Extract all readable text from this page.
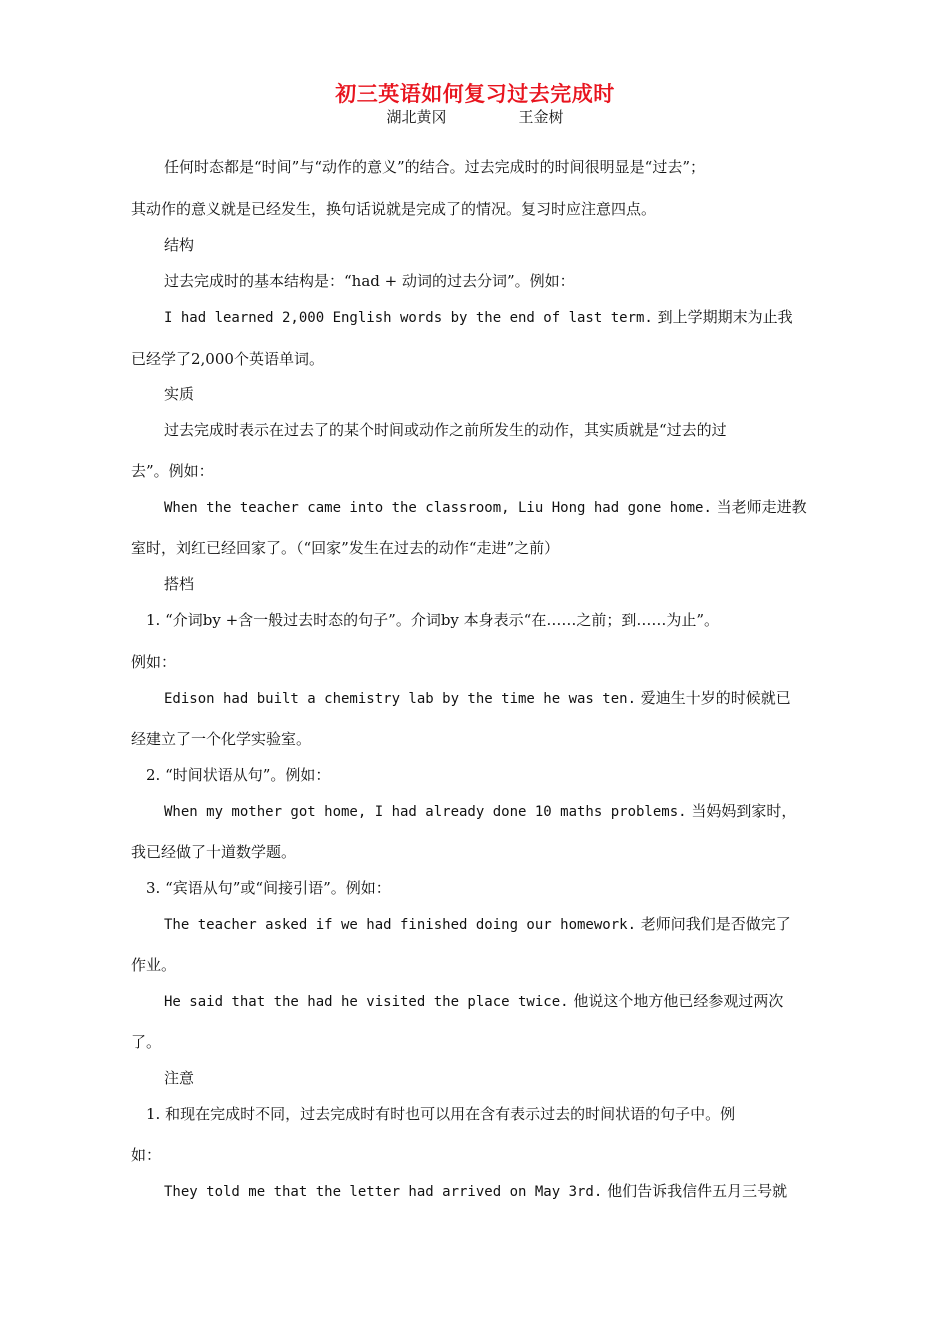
初三英语如何复习过去完成时
湖北黄冈	王金树
任何时态都是“时间”与“动作的意义”的结合。过去完成时的时间很明显是“过去”；
其动作的意义就是已经发生，换句话说就是完成了的情况。复习时应注意四点。
结构
过去完成时的基本结构是：“had + 动词的过去分词”。例如：
I had learned 2,000 English words by the end of last term. 到上学期期末为止我
已经学了2,000个英语单词。
实质
过去完成时表示在过去了的某个时间或动作之前所发生的动作，其实质就是“过去的过
去”。例如：
When the teacher came into the classroom, Liu Hong had gone home. 当老师走进教
室时，刘红已经回家了。（“回家”发生在过去的动作“走进”之前）
搭档
1. “介词by +含一般过去时态的句子”。介词by 本身表示“在……之前；到……为止”。
例如：
Edison had built a chemistry lab by the time he was ten. 爱迪生十岁的时候就已
经建立了一个化学实验室。
2. “时间状语从句”。例如：
When my mother got home, I had already done 10 maths problems. 当妈妈到家时，
我已经做了十道数学题。
3. “宾语从句”或“间接引语”。例如：
The teacher asked if we had finished doing our homework. 老师问我们是否做完了
作业。
He said that the had he visited the place twice. 他说这个地方他已经参观过两次
了。
注意
1. 和现在完成时不同，过去完成时有时也可以用在含有表示过去的时间状语的句子中。例
如：
They told me that the letter had arrived on May 3rd. 他们告诉我信件五月三号就
